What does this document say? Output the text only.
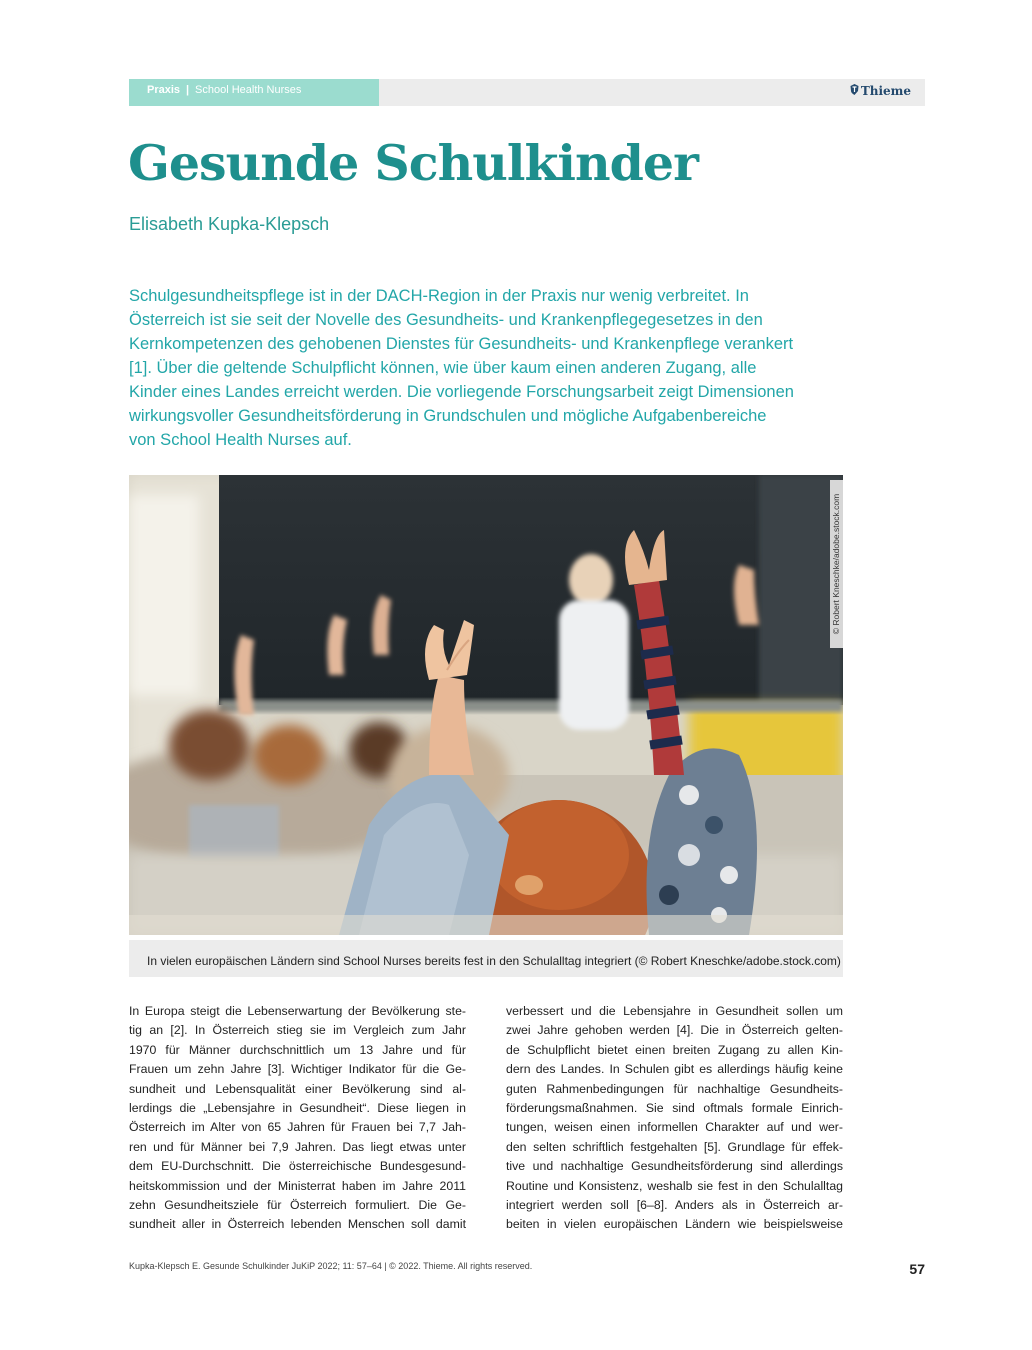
Praxis | School Health Nurses	Thieme
Gesunde Schulkinder
Elisabeth Kupka-Klepsch
Schulgesundheitspflege ist in der DACH-Region in der Praxis nur wenig verbreitet. In
Österreich ist sie seit der Novelle des Gesundheits- und Krankenpflegegesetzes in den
Kernkompetenzen des gehobenen Dienstes für Gesundheits- und Krankenpflege verankert
[1]. Über die geltende Schulpflicht können, wie über kaum einen anderen Zugang, alle
Kinder eines Landes erreicht werden. Die vorliegende Forschungsarbeit zeigt Dimensionen
wirkungsvoller Gesundheitsförderung in Grundschulen und mögliche Aufgabenbereiche
von School Health Nurses auf.
© Robert Kneschke/adobe.stock.com
In vielen europäischen Ländern sind School Nurses bereits fest in den Schulalltag integriert (© Robert Kneschke/adobe.stock.com)
In Europa steigt die Lebenserwartung der Bevölkerung ste-
tig an [2]. In Österreich stieg sie im Vergleich zum Jahr
1970 für Männer durchschnittlich um 13 Jahre und für
Frauen um zehn Jahre [3]. Wichtiger Indikator für die Ge-
sundheit und Lebensqualität einer Bevölkerung sind al-
lerdings die „Lebensjahre in Gesundheit“. Diese liegen in
Österreich im Alter von 65 Jahren für Frauen bei 7,7 Jah-
ren und für Männer bei 7,9 Jahren. Das liegt etwas unter
dem EU-Durchschnitt. Die österreichische Bundesgesund-
heitskommission und der Ministerrat haben im Jahre 2011
zehn Gesundheitsziele für Österreich formuliert. Die Ge-
sundheit aller in Österreich lebenden Menschen soll damit
verbessert und die Lebensjahre in Gesundheit sollen um
zwei Jahre gehoben werden [4]. Die in Österreich gelten-
de Schulpflicht bietet einen breiten Zugang zu allen Kin-
dern des Landes. In Schulen gibt es allerdings häufig keine
guten Rahmenbedingungen für nachhaltige Gesundheits-
förderungsmaßnahmen. Sie sind oftmals formale Einrich-
tungen, weisen einen informellen Charakter auf und wer-
den selten schriftlich festgehalten [5]. Grundlage für effek-
tive und nachhaltige Gesundheitsförderung sind allerdings
Routine und Konsistenz, weshalb sie fest in den Schulalltag
integriert werden soll [6–8]. Anders als in Österreich ar-
beiten in vielen europäischen Ländern wie beispielsweise
Kupka-Klepsch E. Gesunde Schulkinder JuKiP 2022; 11: 57–64 | © 2022. Thieme. All rights reserved.	57
